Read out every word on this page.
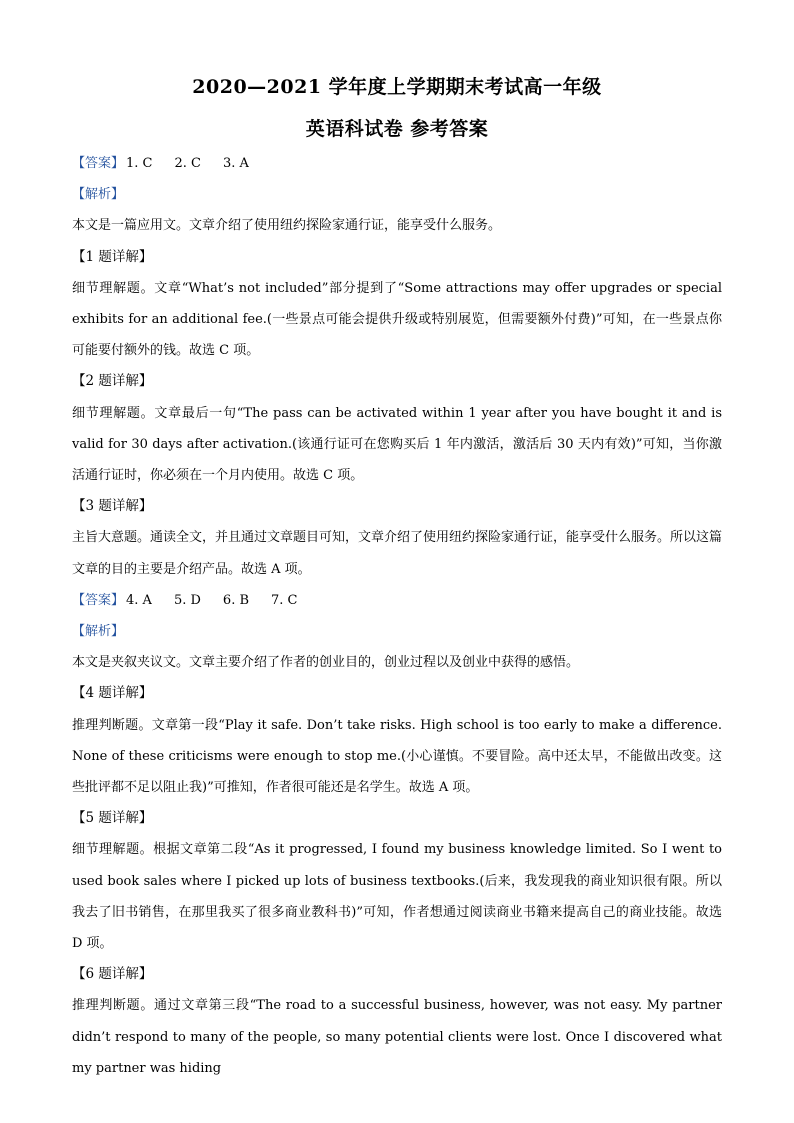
2020—2021 学年度上学期期末考试高一年级
英语科试卷 参考答案
【答案】 1. C 2. C 3. A
【解析】
本文是一篇应用文。文章介绍了使用纽约探险家通行证，能享受什么服务。
【1 题详解】
细节理解题。文章“What’s not included”部分提到了“Some attractions may offer upgrades or special exhibits for an additional fee.(一些景点可能会提供升级或特别展览，但需要额外付费)”可知，在一些景点你可能要付额外的钱。故选 C 项。
【2 题详解】
细节理解题。文章最后一句“The pass can be activated within 1 year after you have bought it and is valid for 30 days after activation.(该通行证可在您购买后 1 年内激活，激活后 30 天内有效)”可知，当你激活通行证时，你必须在一个月内使用。故选 C 项。
【3 题详解】
主旨大意题。通读全文，并且通过文章题目可知，文章介绍了使用纽约探险家通行证，能享受什么服务。所以这篇文章的目的主要是介绍产品。故选 A 项。
【答案】 4. A 5. D 6. B 7. C
【解析】
本文是夹叙夹议文。文章主要介绍了作者的创业目的，创业过程以及创业中获得的感悟。
【4 题详解】
推理判断题。文章第一段“Play it safe. Don’t take risks. High school is too early to make a difference. None of these criticisms were enough to stop me.(小心谨慎。不要冒险。高中还太早，不能做出改变。这些批评都不足以阻止我)”可推知，作者很可能还是名学生。故选 A 项。
【5 题详解】
细节理解题。根据文章第二段“As it progressed, I found my business knowledge limited. So I went to used book sales where I picked up lots of business textbooks.(后来，我发现我的商业知识很有限。所以我去了旧书销售，在那里我买了很多商业教科书)”可知，作者想通过阅读商业书籍来提高自己的商业技能。故选 D 项。
【6 题详解】
推理判断题。通过文章第三段“The road to a successful business, however, was not easy. My partner didn’t respond to many of the people, so many potential clients were lost. Once I discovered what my partner was hiding
